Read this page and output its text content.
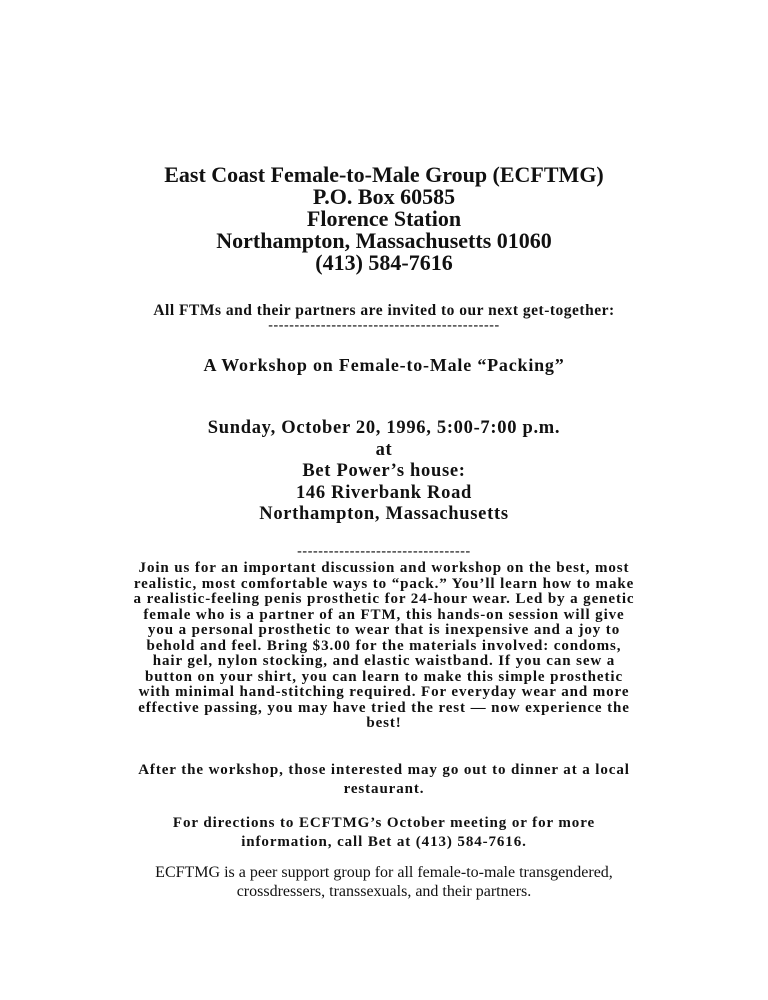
East Coast Female-to-Male Group (ECFTMG)
P.O. Box 60585
Florence Station
Northampton, Massachusetts 01060
(413) 584-7616
All FTMs and their partners are invited to our next get-together:
--------------------------------------------
A Workshop on Female-to-Male “Packing”
Sunday, October 20, 1996, 5:00-7:00 p.m.
at
Bet Power’s house:
146 Riverbank Road
Northampton, Massachusetts
---------------------------------
Join us for an important discussion and workshop on the best, most
realistic, most comfortable ways to “pack.” You’ll learn how to make
a realistic-feeling penis prosthetic for 24-hour wear. Led by a genetic
female who is a partner of an FTM, this hands-on session will give
you a personal prosthetic to wear that is inexpensive and a joy to
behold and feel. Bring $3.00 for the materials involved: condoms,
hair gel, nylon stocking, and elastic waistband. If you can sew a
button on your shirt, you can learn to make this simple prosthetic
with minimal hand-stitching required. For everyday wear and more
effective passing, you may have tried the rest — now experience the
best!
After the workshop, those interested may go out to dinner at a local
restaurant.
For directions to ECFTMG’s October meeting or for more
information, call Bet at (413) 584-7616.
ECFTMG is a peer support group for all female-to-male transgendered,
crossdressers, transsexuals, and their partners.
